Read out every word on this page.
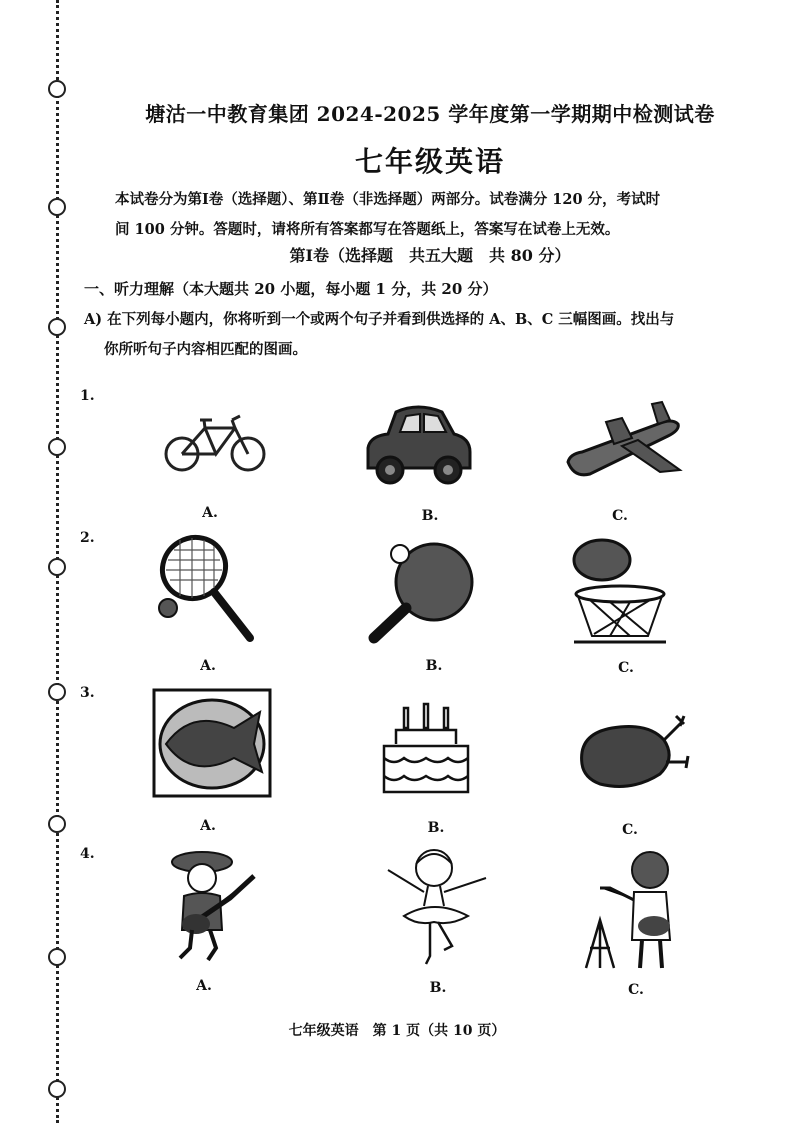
塘沽一中教育集团 2024-2025 学年度第一学期期中检测试卷
七年级英语
本试卷分为第Ⅰ卷（选择题）、第Ⅱ卷（非选择题）两部分。试卷满分 120 分，考试时
间 100 分钟。答题时，请将所有答案都写在答题纸上，答案写在试卷上无效。
第Ⅰ卷（选择题　共五大题　共 80 分）
一、听力理解（本大题共 20 小题，每小题 1 分，共 20 分）
A) 在下列每小题内，你将听到一个或两个句子并看到供选择的 A、B、C 三幅图画。找出与
你所听句子内容相匹配的图画。
1.
A.	B.	C.
2.
A.	B.	C.
3.
A.	B.	C.
4.
A.	B.	C.
七年级英语　第 1 页（共 10 页）
